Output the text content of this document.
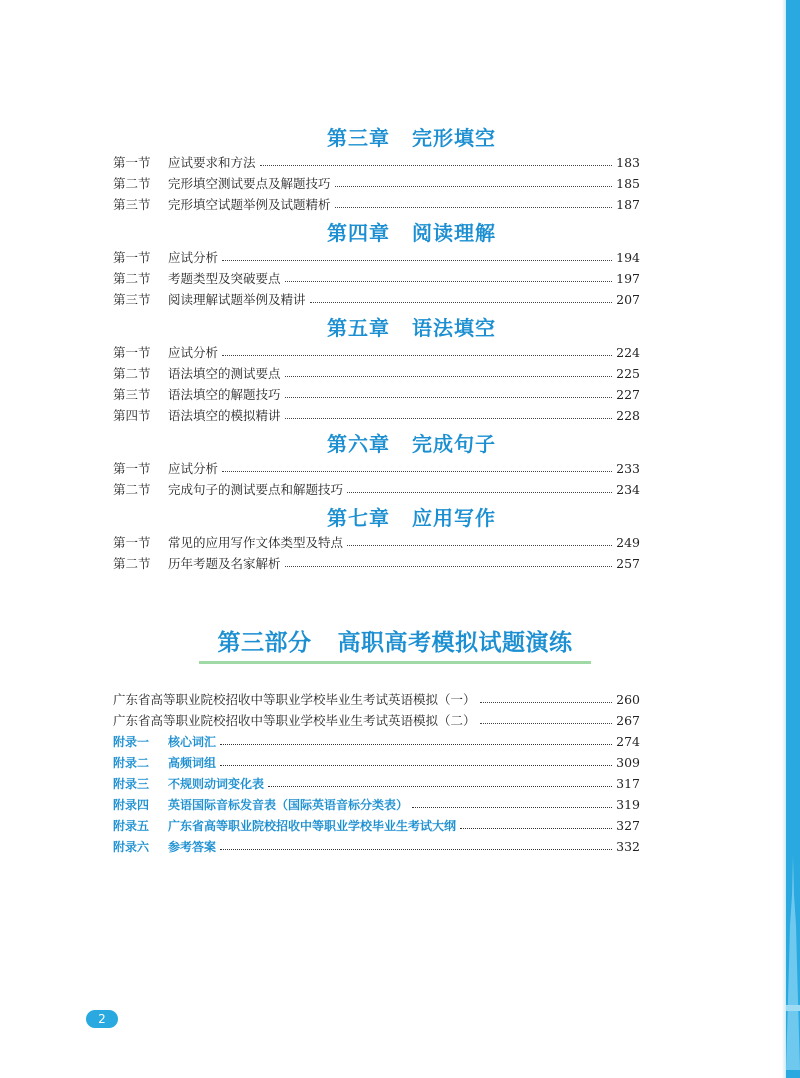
第三章 完形填空
第一节	应试要求和方法	183
第二节	完形填空测试要点及解题技巧	185
第三节	完形填空试题举例及试题精析	187
第四章 阅读理解
第一节	应试分析	194
第二节	考题类型及突破要点	197
第三节	阅读理解试题举例及精讲	207
第五章 语法填空
第一节	应试分析	224
第二节	语法填空的测试要点	225
第三节	语法填空的解题技巧	227
第四节	语法填空的模拟精讲	228
第六章 完成句子
第一节	应试分析	233
第二节	完成句子的测试要点和解题技巧	234
第七章 应用写作
第一节	常见的应用写作文体类型及特点	249
第二节	历年考题及名家解析	257
第三部分 高职高考模拟试题演练
广东省高等职业院校招收中等职业学校毕业生考试英语模拟（一）	260
广东省高等职业院校招收中等职业学校毕业生考试英语模拟（二）	267
附录一	核心词汇	274
附录二	高频词组	309
附录三	不规则动词变化表	317
附录四	英语国际音标发音表（国际英语音标分类表）	319
附录五	广东省高等职业院校招收中等职业学校毕业生考试大纲	327
附录六	参考答案	332
2
